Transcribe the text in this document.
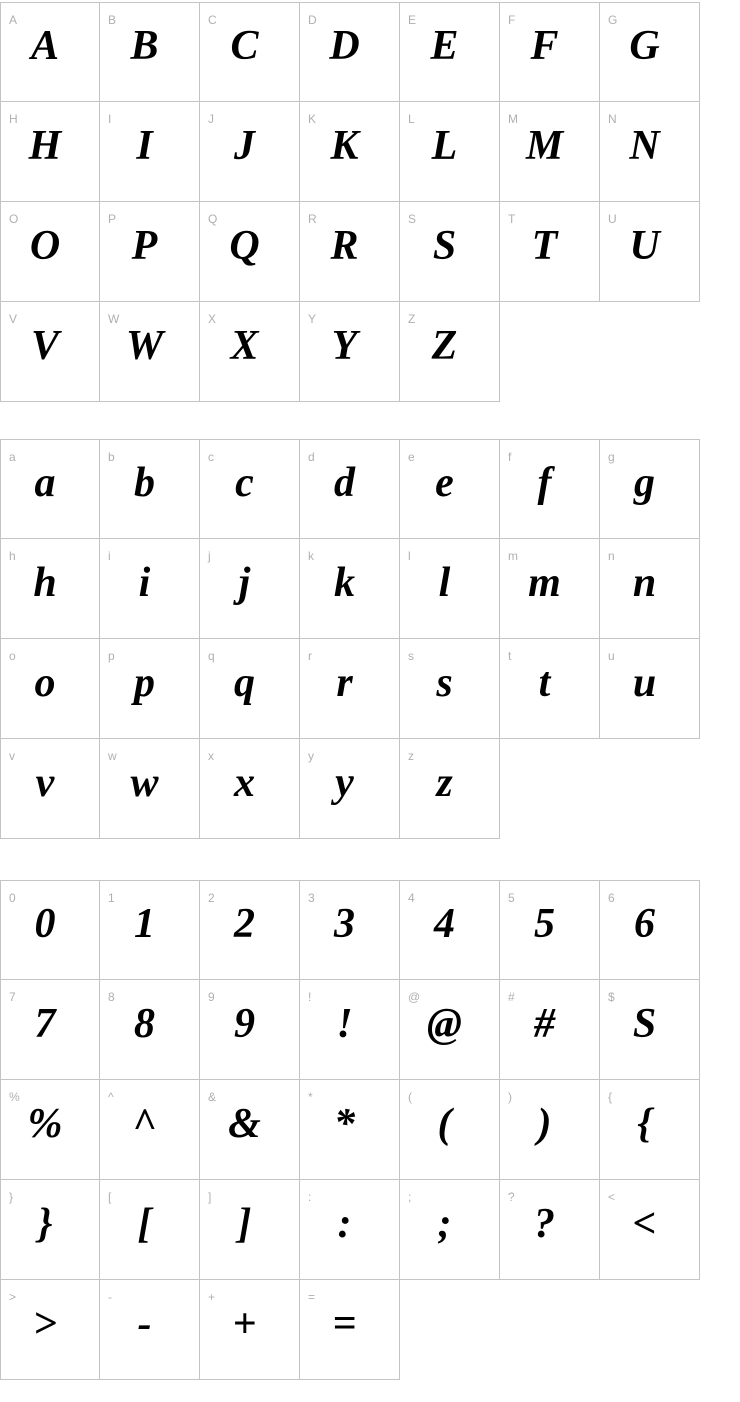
A
A
B
B
C
C
D
D
E
E
F
F
G
G
H
H
I
I
J
J
K
K
L
L
M
M
N
N
O
O
P
P
Q
Q
R
R
S
S
T
T
U
U
V
V
W
W
X
X
Y
Y
Z
Z
a
a
b
b
c
c
d
d
e
e
f
f
g
g
h
h
i
i
j
j
k
k
l
l
m
m
n
n
o
o
p
p
q
q
r
r
s
s
t
t
u
u
v
v
w
w
x
x
y
y
z
z
0
0
1
1
2
2
3
3
4
4
5
5
6
6
7
7
8
8
9
9
!
!
@
@
#
#
$
S
%
%
^
^
&
&
*
*
(
(
)
)
{
{
}
}
[
[
]
]
:
:
;
;
?
?
<
<
>
>
-
-
+
+
=
=
